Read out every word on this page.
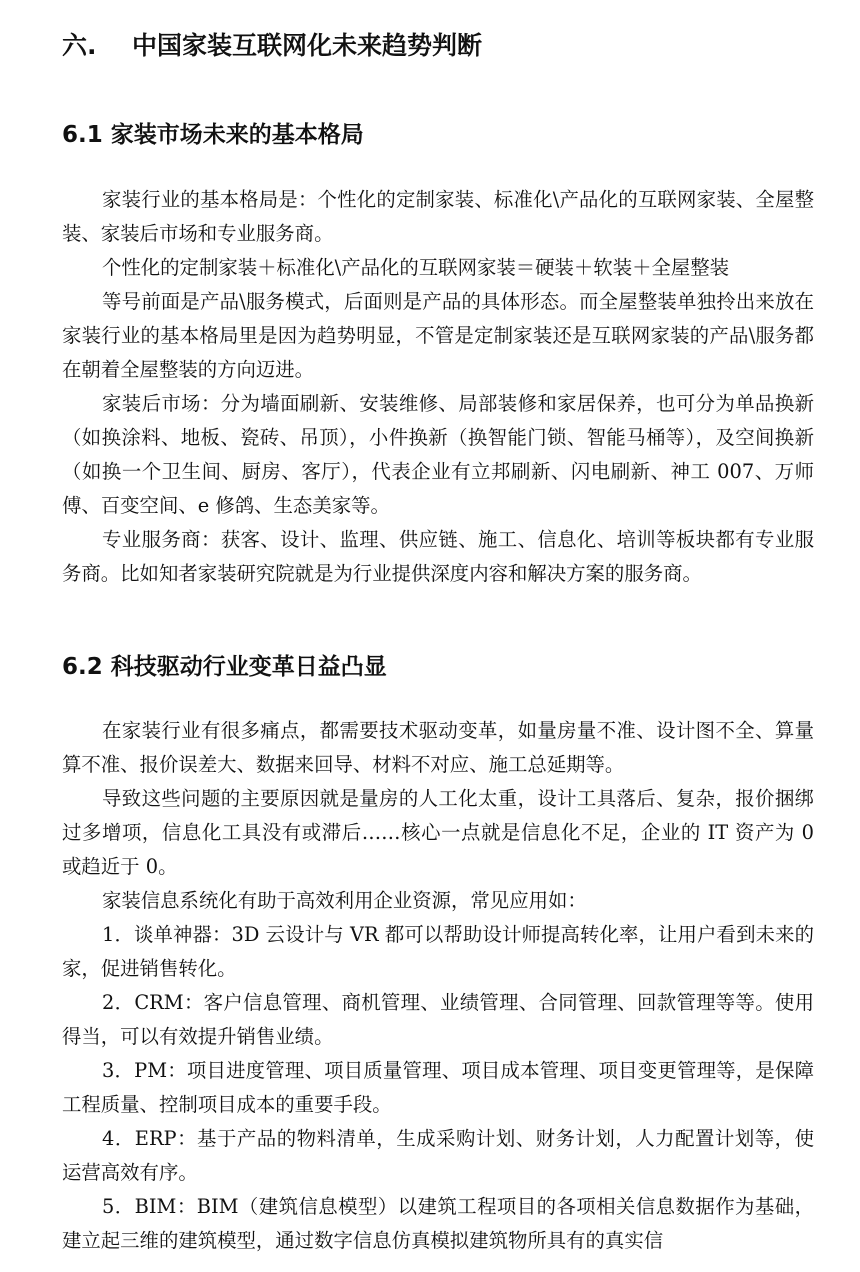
六. 中国家装互联网化未来趋势判断
6.1 家装市场未来的基本格局

家装行业的基本格局是：个性化的定制家装、标准化\产品化的互联网家装、全屋整装、家装后市场和专业服务商。

个性化的定制家装＋标准化\产品化的互联网家装＝硬装＋软装＋全屋整装

等号前面是产品\服务模式，后面则是产品的具体形态。而全屋整装单独拎出来放在家装行业的基本格局里是因为趋势明显，不管是定制家装还是互联网家装的产品\服务都在朝着全屋整装的方向迈进。

家装后市场：分为墙面刷新、安装维修、局部装修和家居保养，也可分为单品换新（如换涂料、地板、瓷砖、吊顶），小件换新（换智能门锁、智能马桶等），及空间换新（如换一个卫生间、厨房、客厅），代表企业有立邦刷新、闪电刷新、神工 007、万师傅、百变空间、e 修鸽、生态美家等。

专业服务商：获客、设计、监理、供应链、施工、信息化、培训等板块都有专业服务商。比如知者家装研究院就是为行业提供深度内容和解决方案的服务商。

6.2 科技驱动行业变革日益凸显

在家装行业有很多痛点，都需要技术驱动变革，如量房量不准、设计图不全、算量算不准、报价误差大、数据来回导、材料不对应、施工总延期等。

导致这些问题的主要原因就是量房的人工化太重，设计工具落后、复杂，报价捆绑过多增项，信息化工具没有或滞后……核心一点就是信息化不足，企业的 IT 资产为 0 或趋近于 0。

家装信息系统化有助于高效利用企业资源，常见应用如：

1．谈单神器：3D 云设计与 VR 都可以帮助设计师提高转化率，让用户看到未来的家，促进销售转化。

2．CRM：客户信息管理、商机管理、业绩管理、合同管理、回款管理等等。使用得当，可以有效提升销售业绩。

3．PM：项目进度管理、项目质量管理、项目成本管理、项目变更管理等，是保障工程质量、控制项目成本的重要手段。

4．ERP：基于产品的物料清单，生成采购计划、财务计划，人力配置计划等，使运营高效有序。

5．BIM：BIM（建筑信息模型）以建筑工程项目的各项相关信息数据作为基础，建立起三维的建筑模型，通过数字信息仿真模拟建筑物所具有的真实信
